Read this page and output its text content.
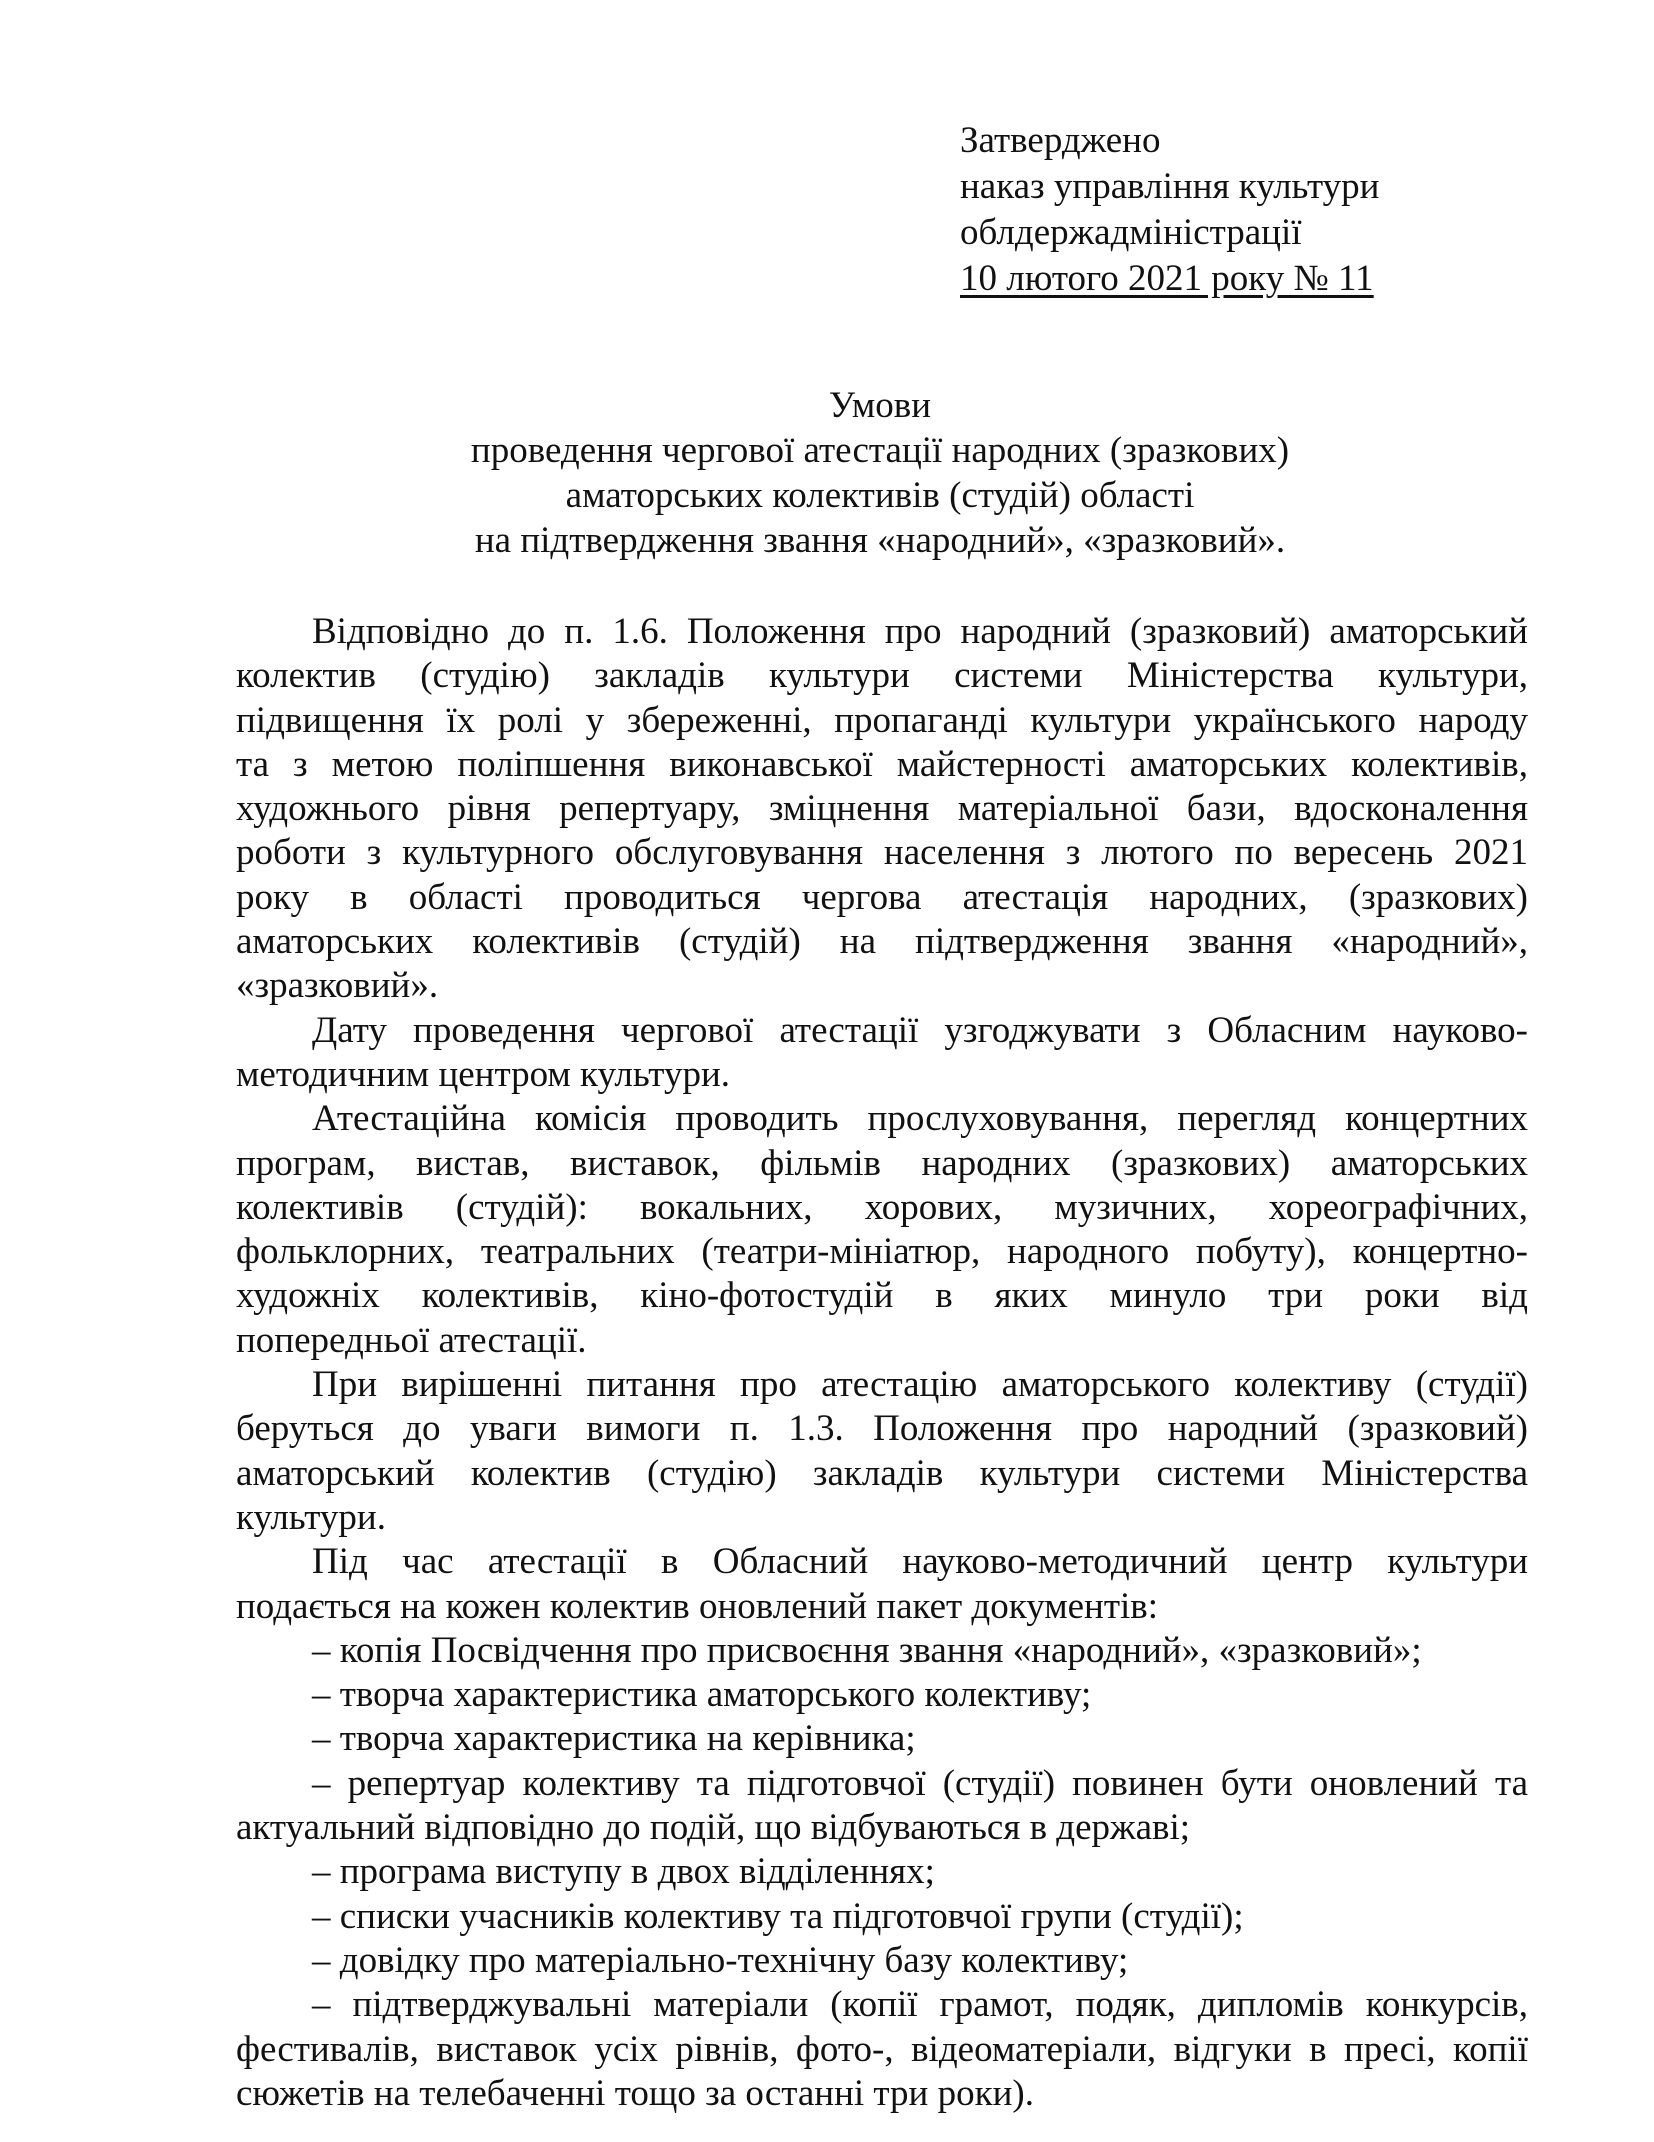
Затверджено
наказ управління культури
облдержадміністрації
10 лютого 2021 року № 11
Умови
проведення чергової атестації народних (зразкових)
аматорських колективів (студій) області
на підтвердження звання «народний», «зразковий».
Відповідно до п. 1.6. Положення про народний (зразковий) аматорський
колектив (студію) закладів культури системи Міністерства культури,
підвищення їх ролі у збереженні, пропаганді культури українського народу
та з метою поліпшення виконавської майстерності аматорських колективів,
художнього рівня репертуару, зміцнення матеріальної бази, вдосконалення
роботи з культурного обслуговування населення з лютого по вересень 2021
року в області проводиться чергова атестація народних, (зразкових)
аматорських колективів (студій) на підтвердження звання «народний»,
«зразковий».
Дату проведення чергової атестації узгоджувати з Обласним науково-
методичним центром культури.
Атестаційна комісія проводить прослуховування, перегляд концертних
програм, вистав, виставок, фільмів народних (зразкових) аматорських
колективів (студій): вокальних, хорових, музичних, хореографічних,
фольклорних, театральних (театри-мініатюр, народного побуту), концертно-
художніх колективів, кіно-фотостудій в яких минуло три роки від
попередньої атестації.
При вирішенні питання про атестацію аматорського колективу (студії)
беруться до уваги вимоги п. 1.3. Положення про народний (зразковий)
аматорський колектив (студію) закладів культури системи Міністерства
культури.
Під час атестації в Обласний науково-методичний центр культури
подається на кожен колектив оновлений пакет документів:
– копія Посвідчення про присвоєння звання «народний», «зразковий»;
– творча характеристика аматорського колективу;
– творча характеристика на керівника;
– репертуар колективу та підготовчої (студії) повинен бути оновлений та
актуальний відповідно до подій, що відбуваються в державі;
– програма виступу в двох відділеннях;
– списки учасників колективу та підготовчої групи (студії);
– довідку про матеріально-технічну базу колективу;
– підтверджувальні матеріали (копії грамот, подяк, дипломів конкурсів,
фестивалів, виставок усіх рівнів, фото-, відеоматеріали, відгуки в пресі, копії
сюжетів на телебаченні тощо за останні три роки).
